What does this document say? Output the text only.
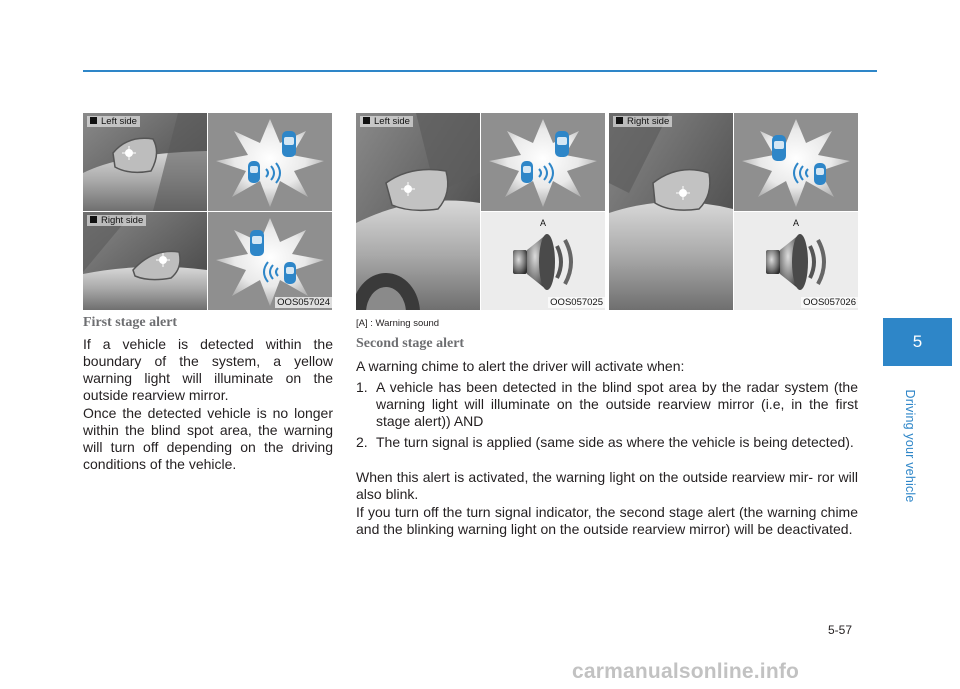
Left side
Right side
OOS057024
Left side
A
OOS057025
Right side
A
OOS057026
First stage alert
If a vehicle is detected within the boundary of the system, a yellow warning light will illuminate on the outside rearview mirror.
Once the detected vehicle is no longer within the blind spot area, the warning will turn off depending on the driving conditions of the vehicle.
[A] : Warning sound
Second stage alert
A warning chime to alert the driver will activate when:
1. A vehicle has been detected in the blind spot area by the radar system (the warning light will illuminate on the outside rearview mirror (i.e, in the first stage alert)) AND
2. The turn signal is applied (same side as where the vehicle is being detected).
When this alert is activated, the warning light on the outside rearview mir- ror will also blink.
If you turn off the turn signal indicator, the second stage alert (the warning chime and the blinking warning light on the outside rearview mirror) will be deactivated.
5
Driving your vehicle
5-57
carmanualsonline.info
